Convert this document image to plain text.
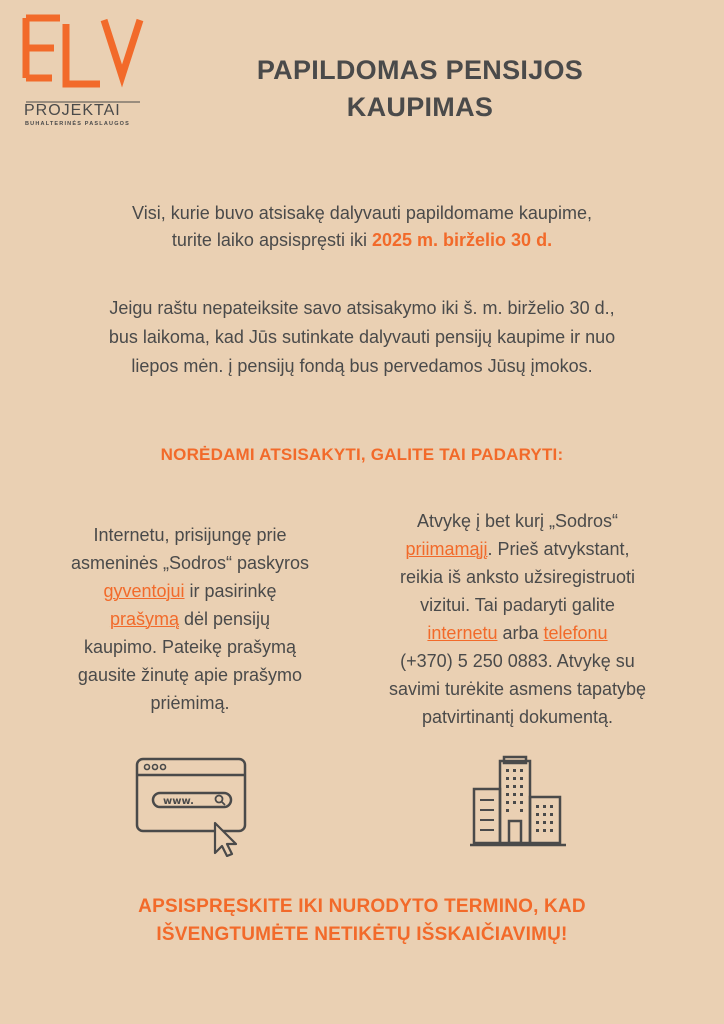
PROJEKTAI
BUHALTERINĖS PASLAUGOS
PAPILDOMAS PENSIJOS
KAUPIMAS
Visi, kurie buvo atsisakę dalyvauti papildomame kaupime,
turite laiko apsispręsti iki 2025 m. birželio 30 d.
Jeigu raštu nepateiksite savo atsisakymo iki š. m. birželio 30 d.,
bus laikoma, kad Jūs sutinkate dalyvauti pensijų kaupime ir nuo
liepos mėn. į pensijų fondą bus pervedamos Jūsų įmokos.
NORĖDAMI ATSISAKYTI, GALITE TAI PADARYTI:
Internetu, prisijungę prie
asmeninės „Sodros“ paskyros
gyventojui ir pasirinkę
prašymą dėl pensijų
kaupimo. Pateikę prašymą
gausite žinutę apie prašymo
priėmimą.
Atvykę į bet kurį „Sodros“
priimamąjį. Prieš atvykstant,
reikia iš anksto užsiregistruoti
vizitui. Tai padaryti galite
internetu arba telefonu
(+370) 5 250 0883. Atvykę su
savimi turėkite asmens tapatybę
patvirtinantį dokumentą.
www.
APSISPRĘSKITE IKI NURODYTO TERMINO, KAD
IŠVENGTUMĖTE NETIKĖTŲ IŠSKAIČIAVIMŲ!
